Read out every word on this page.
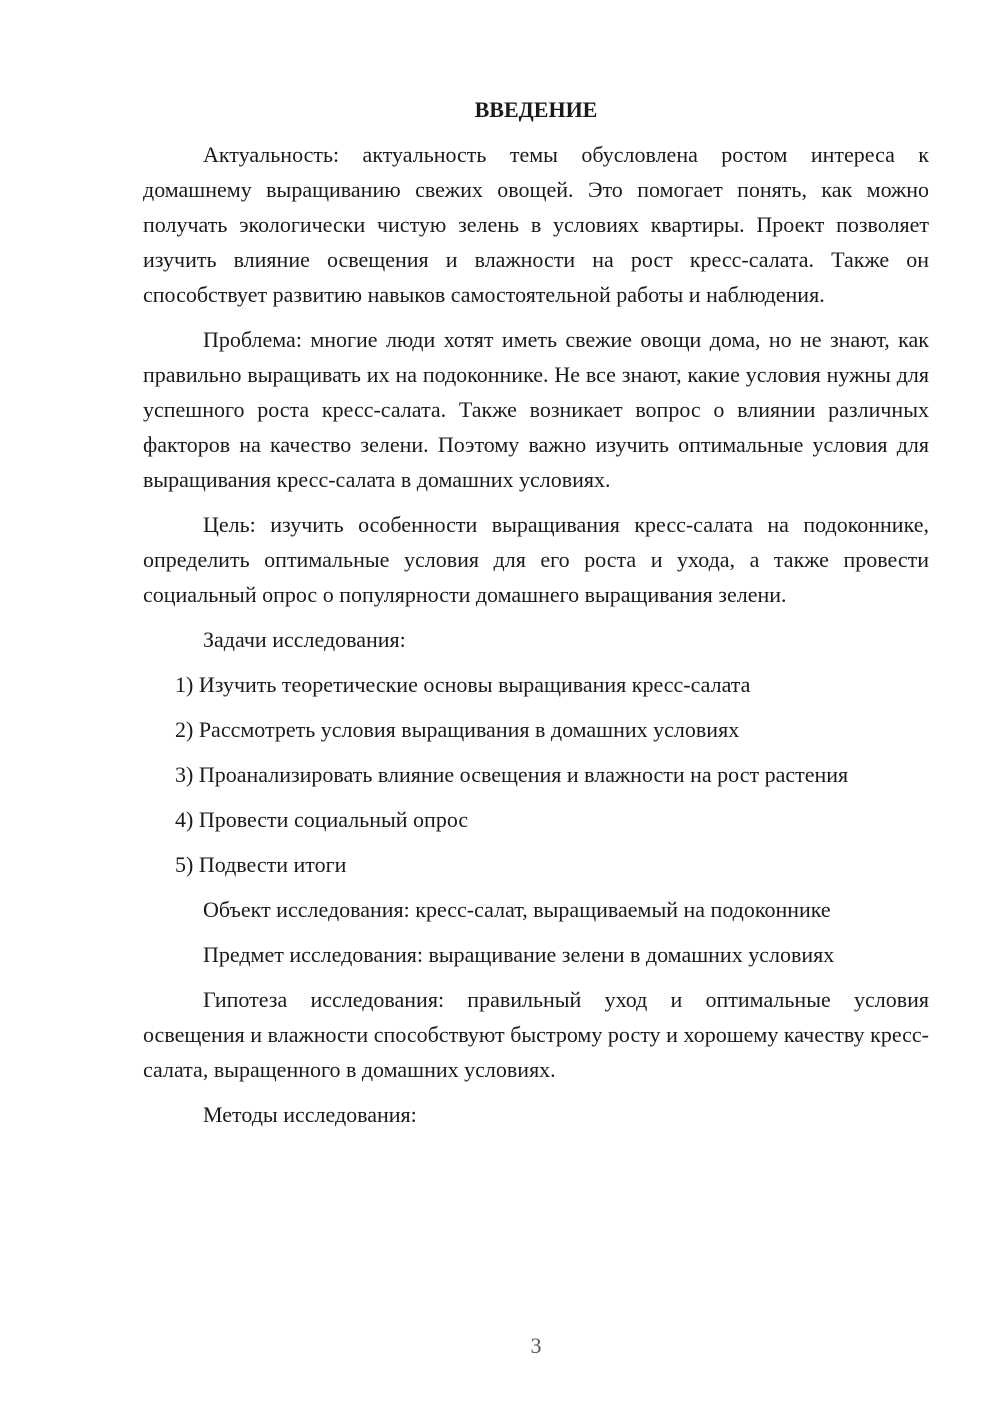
ВВЕДЕНИЕ

Актуальность: актуальность темы обусловлена ростом интереса к домашнему выращиванию свежих овощей. Это помогает понять, как можно получать экологически чистую зелень в условиях квартиры. Проект позволяет изучить влияние освещения и влажности на рост кресс-салата. Также он способствует развитию навыков самостоятельной работы и наблюдения.

Проблема: многие люди хотят иметь свежие овощи дома, но не знают, как правильно выращивать их на подоконнике. Не все знают, какие условия нужны для успешного роста кресс-салата. Также возникает вопрос о влиянии различных факторов на качество зелени. Поэтому важно изучить оптимальные условия для выращивания кресс-салата в домашних условиях.

Цель: изучить особенности выращивания кресс-салата на подоконнике, определить оптимальные условия для его роста и ухода, а также провести социальный опрос о популярности домашнего выращивания зелени.

Задачи исследования:

1) Изучить теоретические основы выращивания кресс-салата

2) Рассмотреть условия выращивания в домашних условиях

3) Проанализировать влияние освещения и влажности на рост растения

4) Провести социальный опрос

5) Подвести итоги

Объект исследования: кресс-салат, выращиваемый на подоконнике

Предмет исследования: выращивание зелени в домашних условиях

Гипотеза исследования: правильный уход и оптимальные условия освещения и влажности способствуют быстрому росту и хорошему качеству кресс-салата, выращенного в домашних условиях.

Методы исследования:

3
